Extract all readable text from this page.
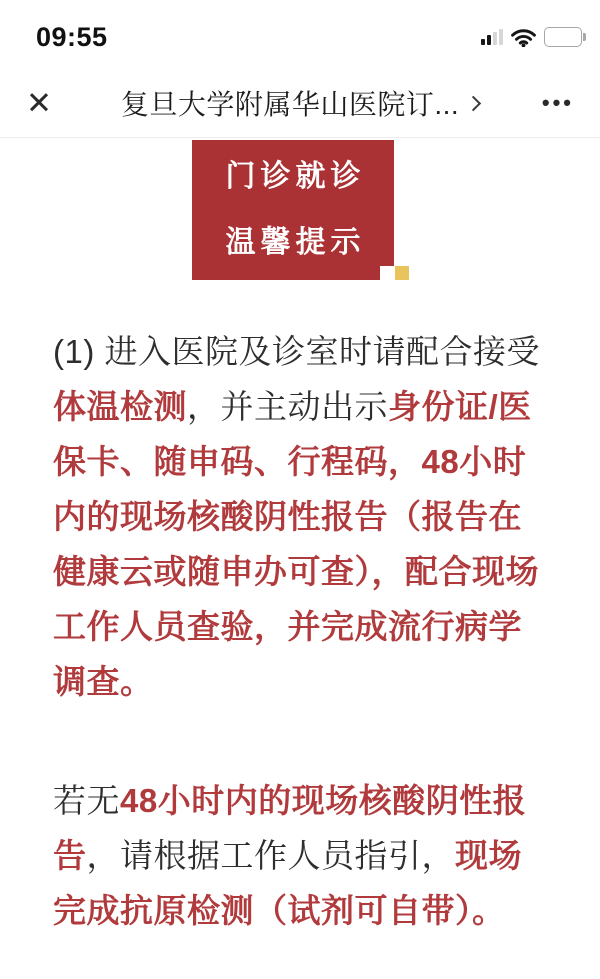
09:55
✕ 复旦大学附属华山医院订...	•••
门诊就诊
温馨提示

(1) 进入医院及诊室时请配合接受体温检测，并主动出示身份证/医保卡、随申码、行程码，48小时内的现场核酸阴性报告（报告在健康云或随申办可查），配合现场工作人员查验，并完成流行病学调查。

若无48小时内的现场核酸阴性报告，请根据工作人员指引，现场完成抗原检测（试剂可自带）。
